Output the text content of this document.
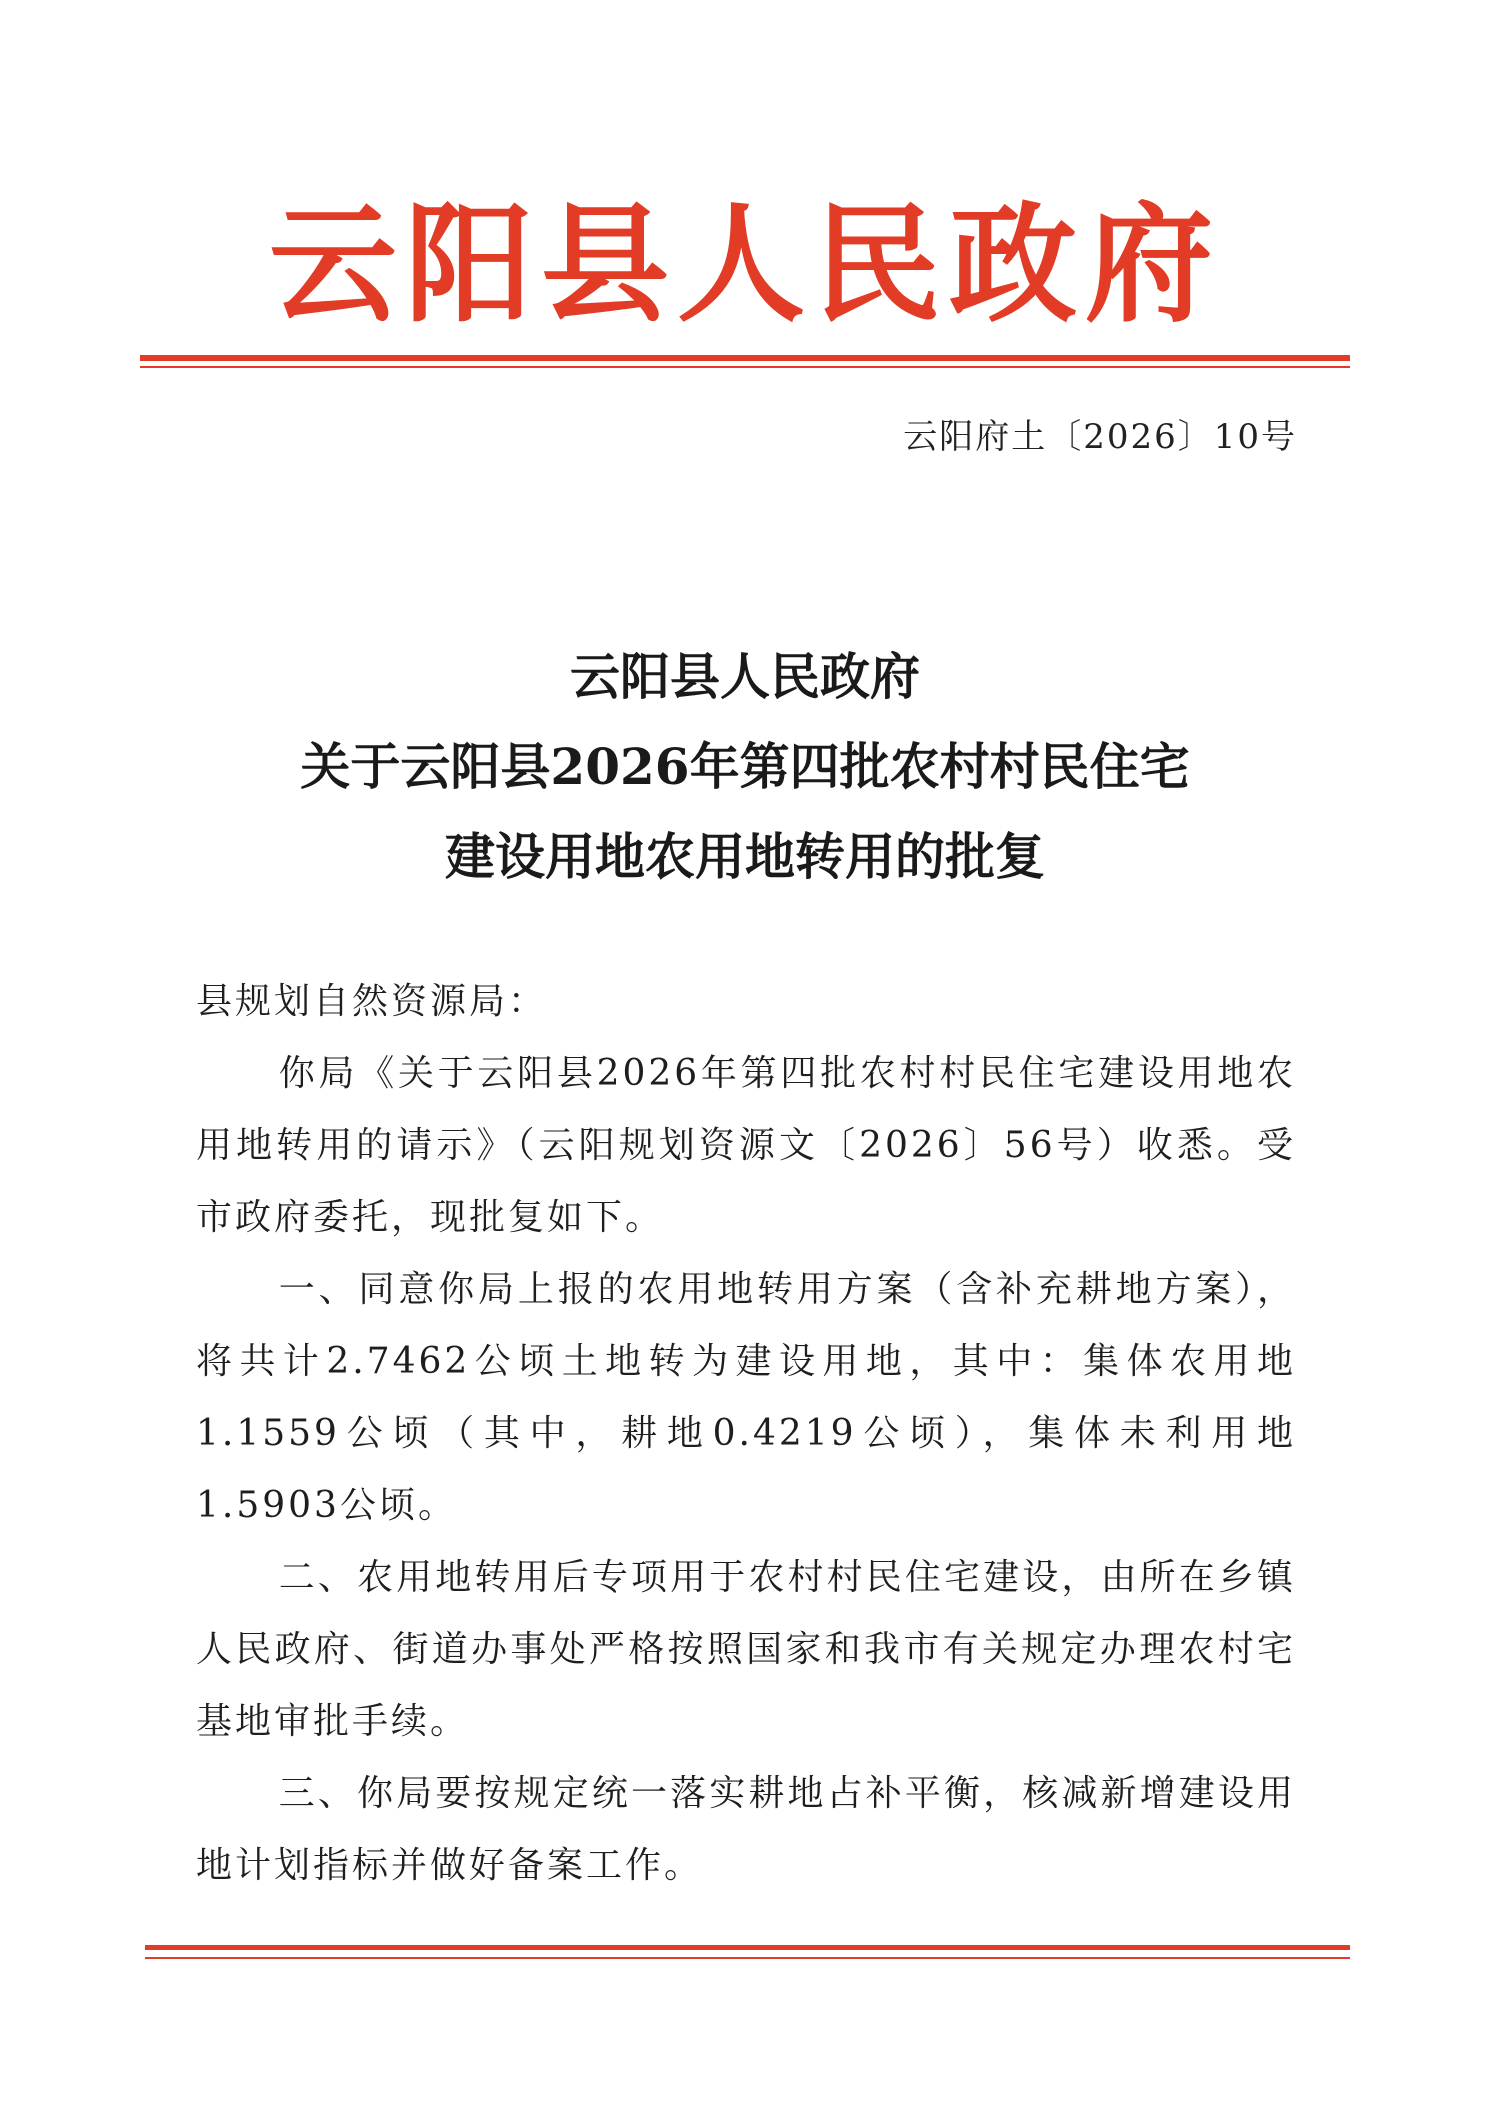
云阳县人民政府
云阳府土〔2026〕10号
云阳县人民政府
关于云阳县2026年第四批农村村民住宅
建设用地农用地转用的批复

县规划自然资源局：

你局《关于云阳县2026年第四批农村村民住宅建设用地农用地转用的请示》（云阳规划资源文〔2026〕56号）收悉。受市政府委托，现批复如下。

一、同意你局上报的农用地转用方案（含补充耕地方案），将共计2.7462公顷土地转为建设用地，其中：集体农用地1.1559公顷（其中，耕地0.4219公顷），集体未利用地1.5903公顷。

二、农用地转用后专项用于农村村民住宅建设，由所在乡镇人民政府、街道办事处严格按照国家和我市有关规定办理农村宅基地审批手续。

三、你局要按规定统一落实耕地占补平衡，核减新增建设用地计划指标并做好备案工作。
